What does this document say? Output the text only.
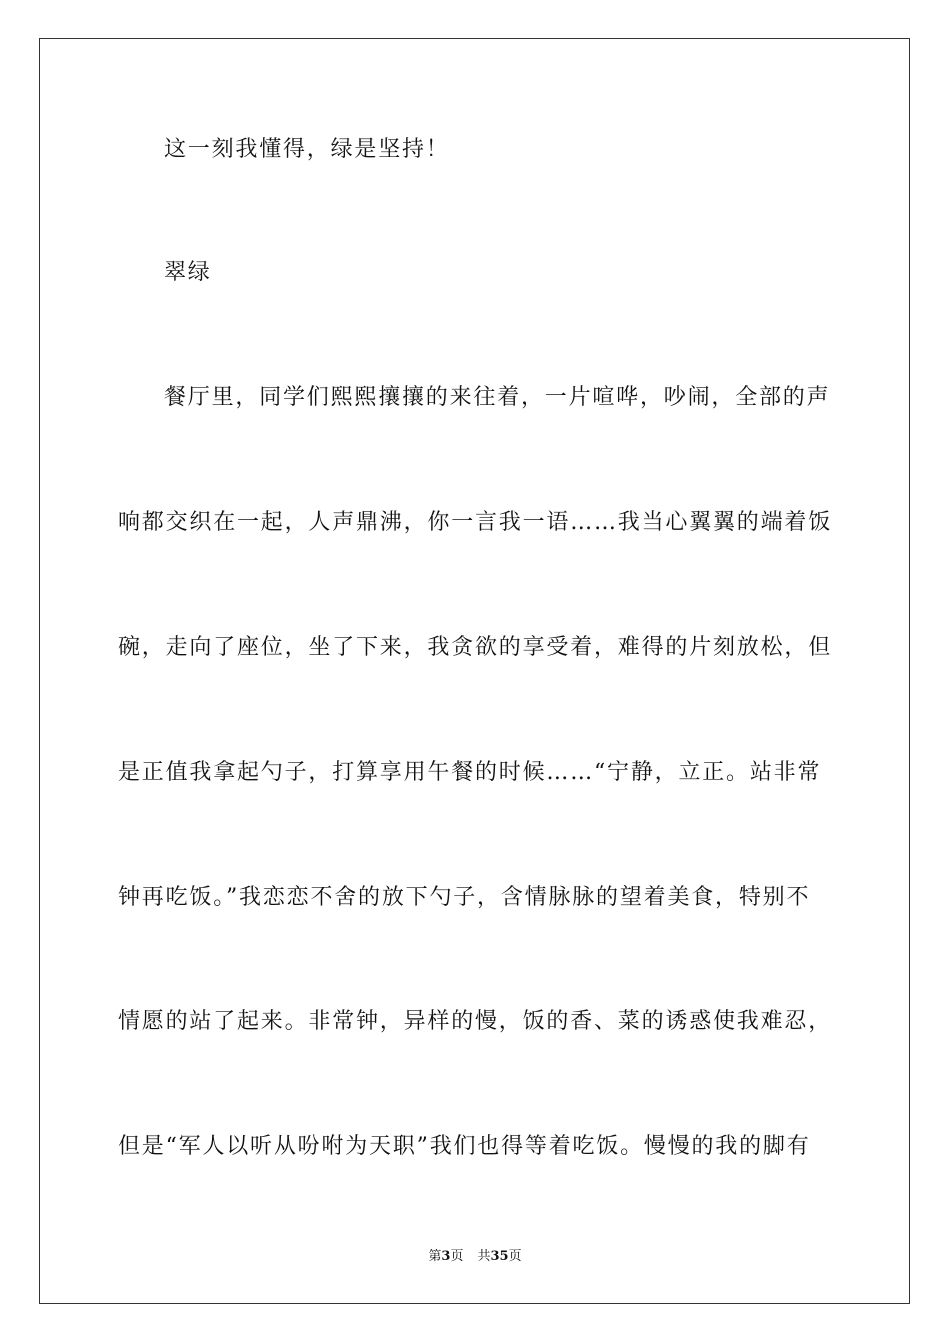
这一刻我懂得，绿是坚持！
翠绿
餐厅里，同学们熙熙攘攘的来往着，一片喧哗，吵闹，全部的声
响都交织在一起，人声鼎沸，你一言我一语……我当心翼翼的端着饭
碗，走向了座位，坐了下来，我贪欲的享受着，难得的片刻放松，但
是正值我拿起勺子，打算享用午餐的时候……“宁静，立正。站非常
钟再吃饭。”我恋恋不舍的放下勺子，含情脉脉的望着美食，特别不
情愿的站了起来。非常钟，异样的慢，饭的香、菜的诱惑使我难忍，
但是“军人以听从吩咐为天职”我们也得等着吃饭。慢慢的我的脚有
第3页 共35页
